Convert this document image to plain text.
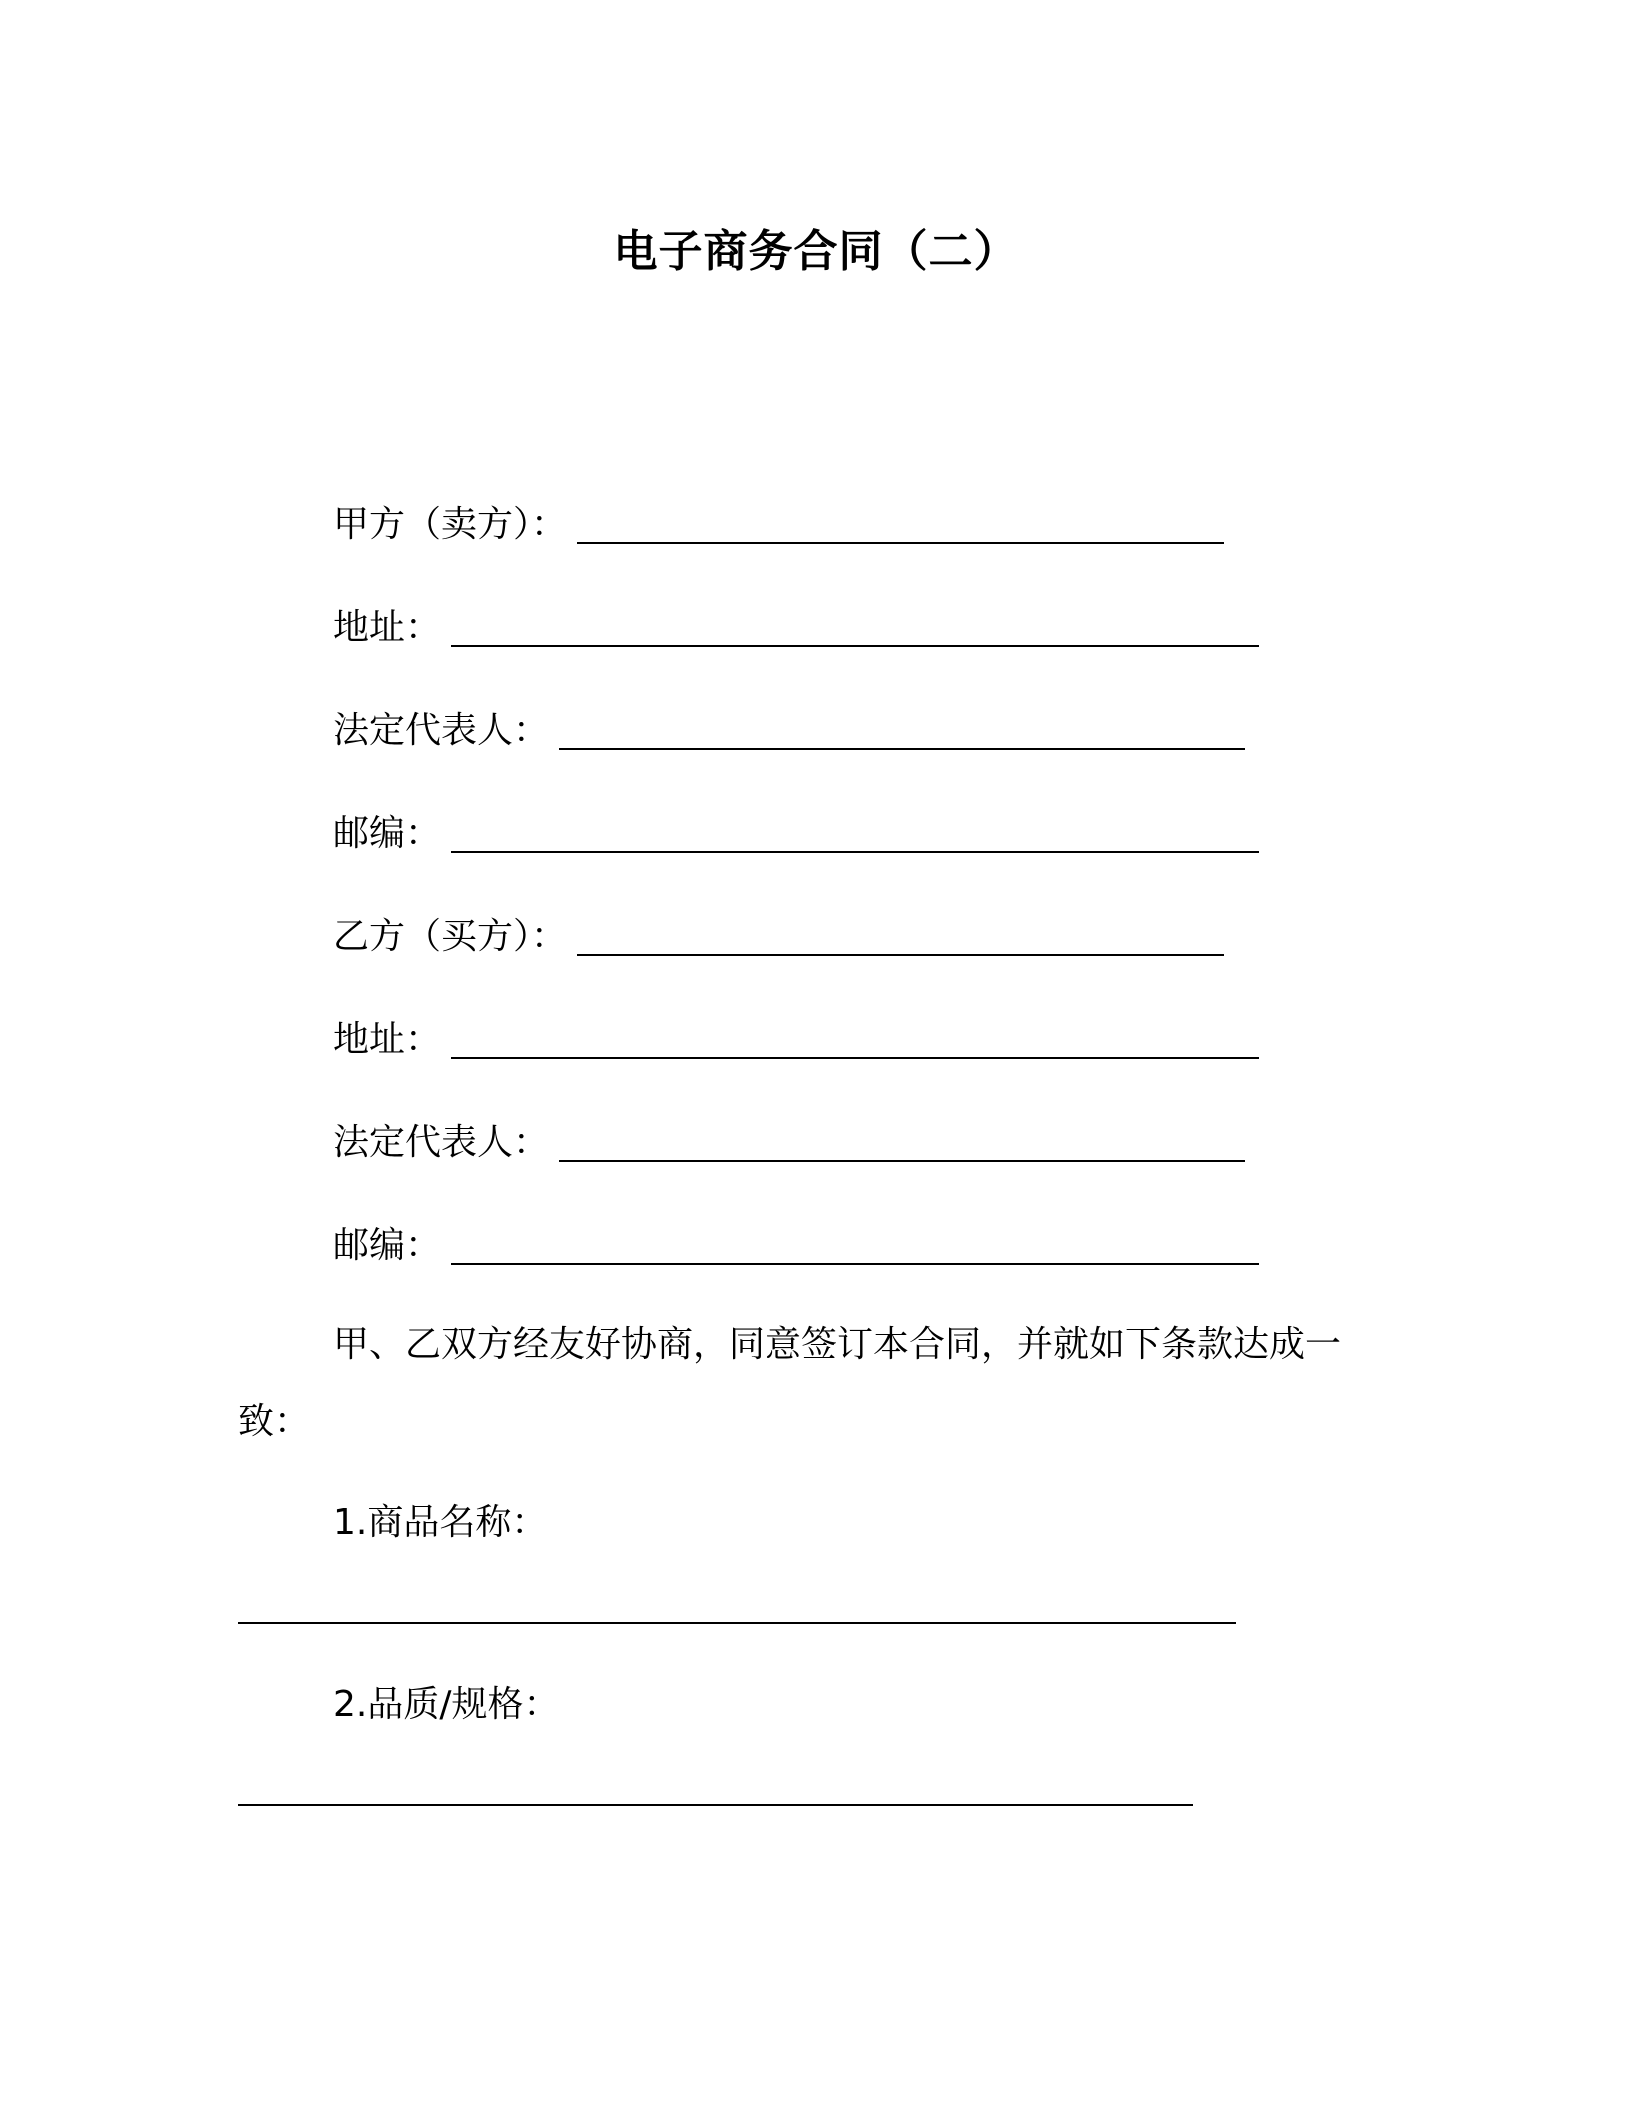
电子商务合同（二）
甲方（卖方）：
地址：
法定代表人：
邮编：
乙方（买方）：
地址：
法定代表人：
邮编：
甲、乙双方经友好协商，同意签订本合同，并就如下条款达成一
致：
1.商品名称：
2.品质/规格：
